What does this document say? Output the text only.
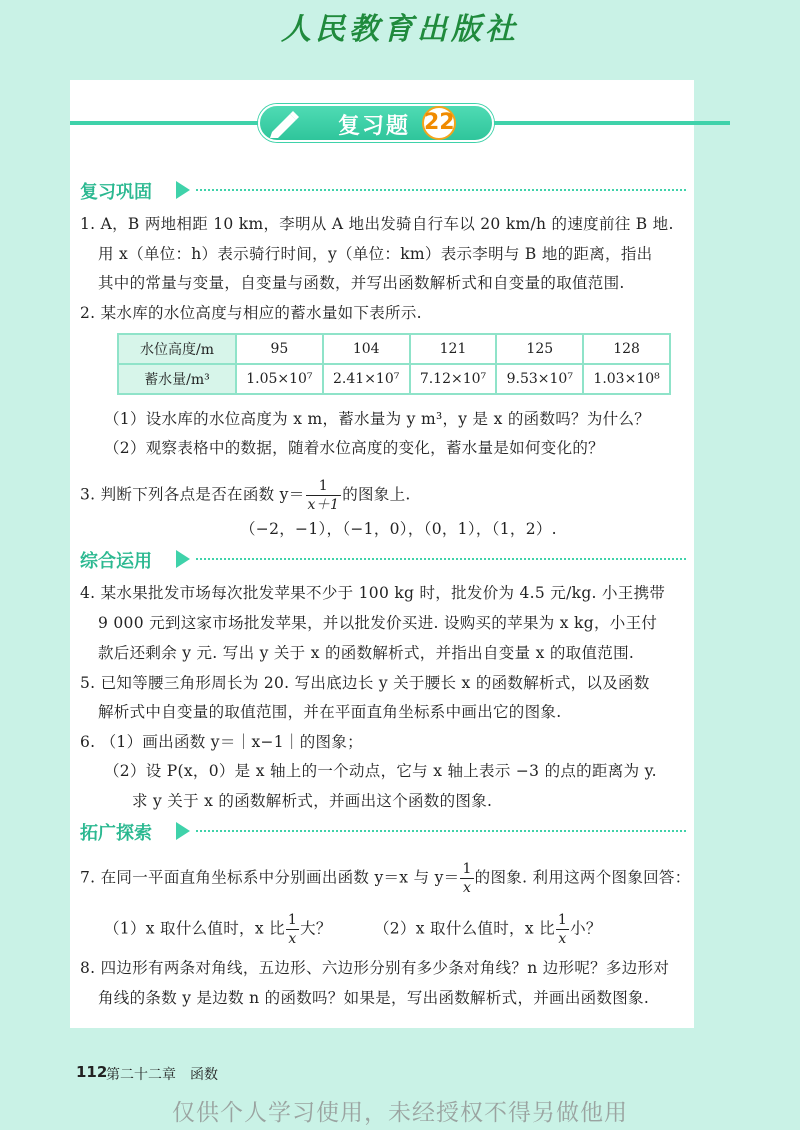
人民教育出版社
复习题 22
复习巩固
1. A，B 两地相距 10 km，李明从 A 地出发骑自行车以 20 km/h 的速度前往 B 地.
用 x（单位：h）表示骑行时间，y（单位：km）表示李明与 B 地的距离，指出
其中的常量与变量，自变量与函数，并写出函数解析式和自变量的取值范围.
2. 某水库的水位高度与相应的蓄水量如下表所示.
水位高度/m	95	104	121	125	128
蓄水量/m³	1.05×10⁷	2.41×10⁷	7.12×10⁷	9.53×10⁷	1.03×10⁸
（1）设水库的水位高度为 x m，蓄水量为 y m³，y 是 x 的函数吗？为什么？
（2）观察表格中的数据，随着水位高度的变化，蓄水量是如何变化的？
3. 判断下列各点是否在函数 $y= \frac{1}{x+1}$ 的图象上.
（−2，−1），（−1，0），（0，1），（1，2）.
综合运用
4. 某水果批发市场每次批发苹果不少于 100 kg 时，批发价为 4.5 元/kg. 小王携带
9 000 元到这家市场批发苹果，并以批发价买进. 设购买的苹果为 x kg，小王付
款后还剩余 y 元. 写出 y 关于 x 的函数解析式，并指出自变量 x 的取值范围.
5. 已知等腰三角形周长为 20. 写出底边长 y 关于腰长 x 的函数解析式，以及函数
解析式中自变量的取值范围，并在平面直角坐标系中画出它的图象.
6. （1）画出函数 y＝｜x−1｜的图象；
（2）设 P(x，0）是 x 轴上的一个动点，它与 x 轴上表示 −3 的点的距离为 y.
求 y 关于 x 的函数解析式，并画出这个函数的图象.
拓广探索
7. 在同一平面直角坐标系中分别画出函数 y＝x 与 $y= \frac{1}{x}$ 的图象. 利用这两个图象回答：
（1）x 取什么值时，x 比 $\frac{1}{x}$ 大？	（2）x 取什么值时，x 比 $\frac{1}{x}$ 小？
8. 四边形有两条对角线，五边形、六边形分别有多少条对角线？n 边形呢？多边形对
角线的条数 y 是边数 n 的函数吗？如果是，写出函数解析式，并画出函数图象.
112
第二十二章　函数
仅供个人学习使用，未经授权不得另做他用
